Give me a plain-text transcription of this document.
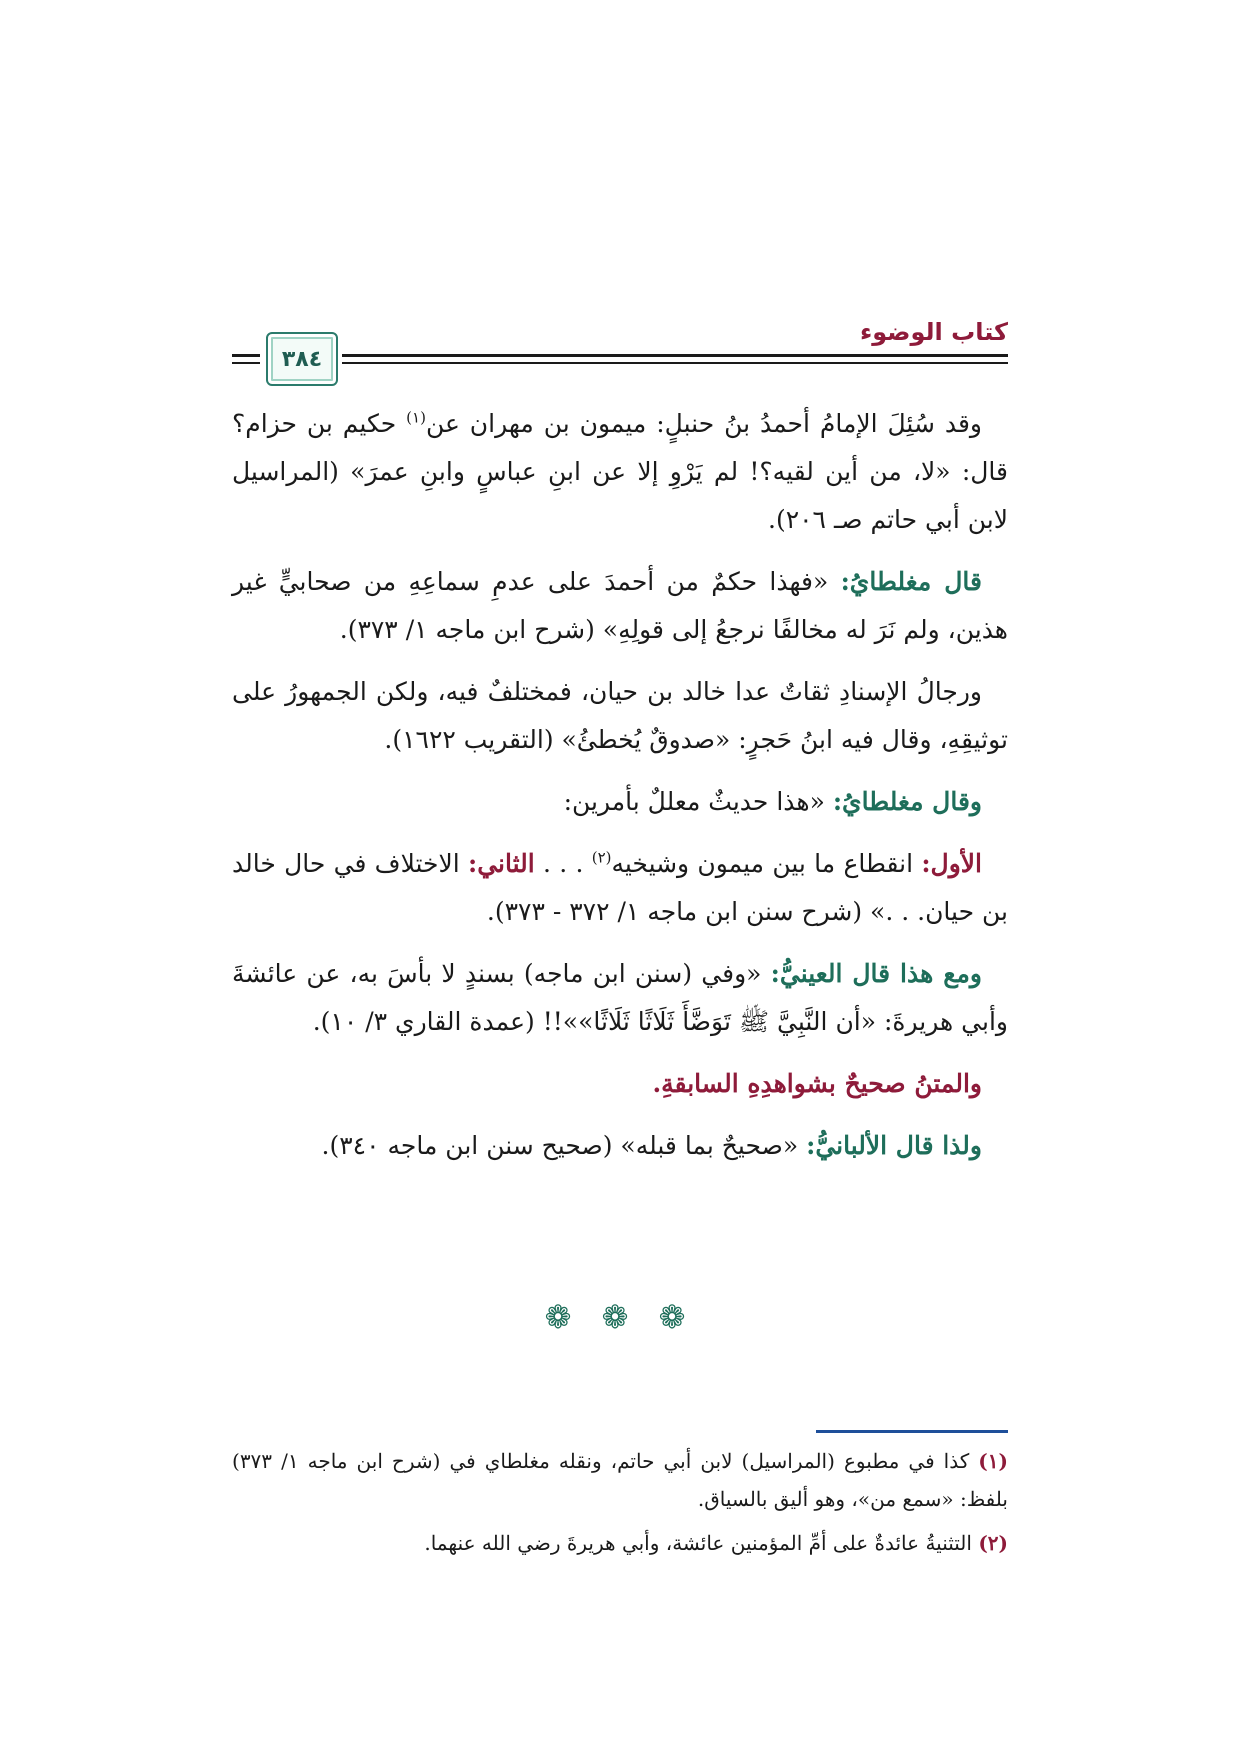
كتاب الوضوء
٣٨٤

وقد سُئِلَ الإمامُ أحمدُ بنُ حنبلٍ: ميمون بن مهران عن$^{(١)}$ حكيم بن حزام؟ قال: «لا، من أين لقيه؟! لم يَرْوِ إلا عن ابنِ عباسٍ وابنِ عمرَ» (المراسيل لابن أبي حاتم صـ ٢٠٦).

قال مغلطايُ: «فهذا حكمٌ من أحمدَ على عدمِ سماعِهِ من صحابيٍّ غير هذين، ولم نَرَ له مخالفًا نرجعُ إلى قولِهِ» (شرح ابن ماجه ١/ ٣٧٣).

ورجالُ الإسنادِ ثقاتٌ عدا خالد بن حيان، فمختلفٌ فيه، ولكن الجمهورُ على توثيقِهِ، وقال فيه ابنُ حَجرٍ: «صدوقٌ يُخطئُ» (التقريب ١٦٢٢).

وقال مغلطايُ: «هذا حديثٌ معللٌ بأمرين:

الأول: انقطاع ما بين ميمون وشيخيه$^{(٢)}$ . . . الثاني: الاختلاف في حال خالد بن حيان. . .» (شرح سنن ابن ماجه ١/ ٣٧٢ - ٣٧٣).

ومع هذا قال العينيُّ: «وفي (سنن ابن ماجه) بسندٍ لا بأسَ به، عن عائشةَ وأبي هريرةَ: «أن النَّبِيَّ ﷺ تَوَضَّأَ ثَلَاثًا ثَلَاثًا»»!! (عمدة القاري ٣/ ١٠).

والمتنُ صحيحٌ بشواهدِهِ السابقةِ.

ولذا قال الألبانيُّ: «صحيحٌ بما قبله» (صحيح سنن ابن ماجه ٣٤٠).

❁ ❁ ❁

(١) كذا في مطبوع (المراسيل) لابن أبي حاتم، ونقله مغلطاي في (شرح ابن ماجه ١/ ٣٧٣) بلفظ: «سمع من»، وهو أليق بالسياق.

(٢) التثنيةُ عائدةٌ على أمِّ المؤمنين عائشة، وأبي هريرةَ رضي الله عنهما.
